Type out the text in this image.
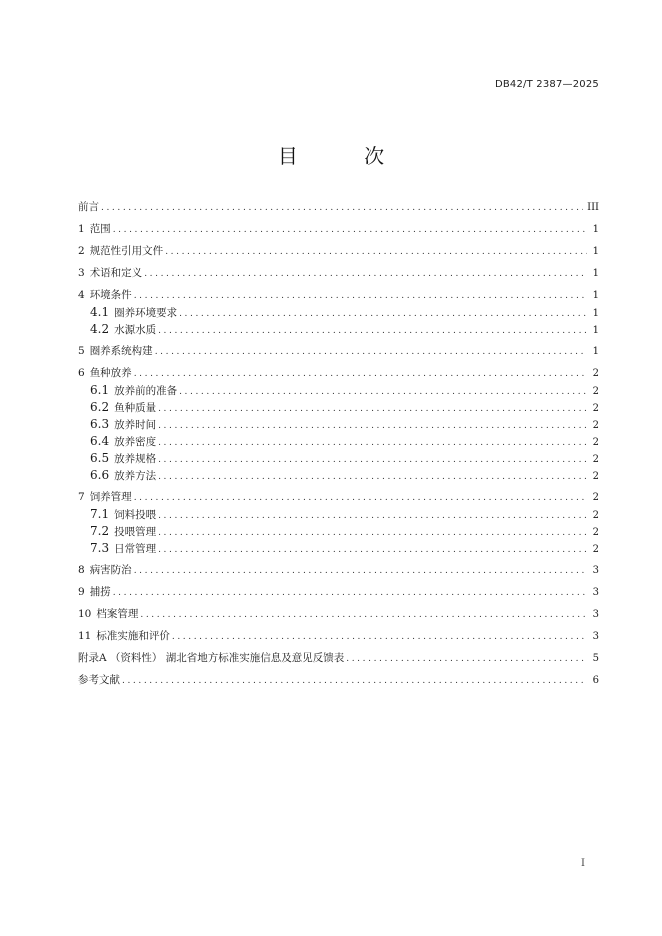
DB42/T 2387—2025
目 次
前言 .....	III
1 范围 .....	1
2 规范性引用文件 .....	1
3 术语和定义 .....	1
4 环境条件 .....	1
4.1 圈养环境要求 .....	1
4.2 水源水质 .....	1
5 圈养系统构建 .....	1
6 鱼种放养 .....	2
6.1 放养前的准备 .....	2
6.2 鱼种质量 .....	2
6.3 放养时间 .....	2
6.4 放养密度 .....	2
6.5 放养规格 .....	2
6.6 放养方法 .....	2
7 饲养管理 .....	2
7.1 饲料投喂 .....	2
7.2 投喂管理 .....	2
7.3 日常管理 .....	2
8 病害防治 .....	3
9 捕捞 .....	3
10 档案管理 .....	3
11 标准实施和评价 .....	3
附录A （资料性） 湖北省地方标准实施信息及意见反馈表 .....	5
参考文献 .....	6
I
